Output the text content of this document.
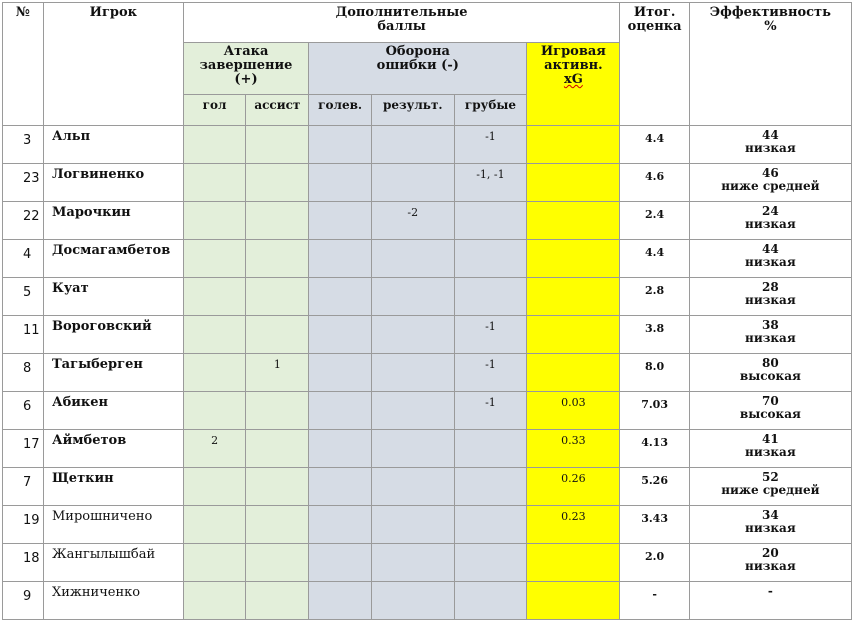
№	Игрок	Дополнительные баллы						Итог. оценка	Эффективность %
		Атака завершение (+)		Оборона ошибки (-)			Игровая
активн.
xG		

		гол	ассист	голев.	результ.	грубые			
3	Альп					-1		4.4	44
низкая

23	Логвиненко					-1, -1		4.6	46
ниже средней

22	Марочкин				-2			2.4	24
низкая

4	Досмагамбетов							4.4	44
низкая

5	Куат							2.8	28
низкая

11	Вороговский					-1		3.8	38
низкая

8	Тагыберген		1			-1		8.0	80
высокая

6	Абикен					-1	0.03	7.03	70
высокая

17	Аймбетов	2					0.33	4.13	41
низкая

7	Щеткин						0.26	5.26	52
ниже средней

19	Мирошничено						0.23	3.43	34
низкая

18	Жангылышбай							2.0	20
низкая

9	Хижниченко							-	-
